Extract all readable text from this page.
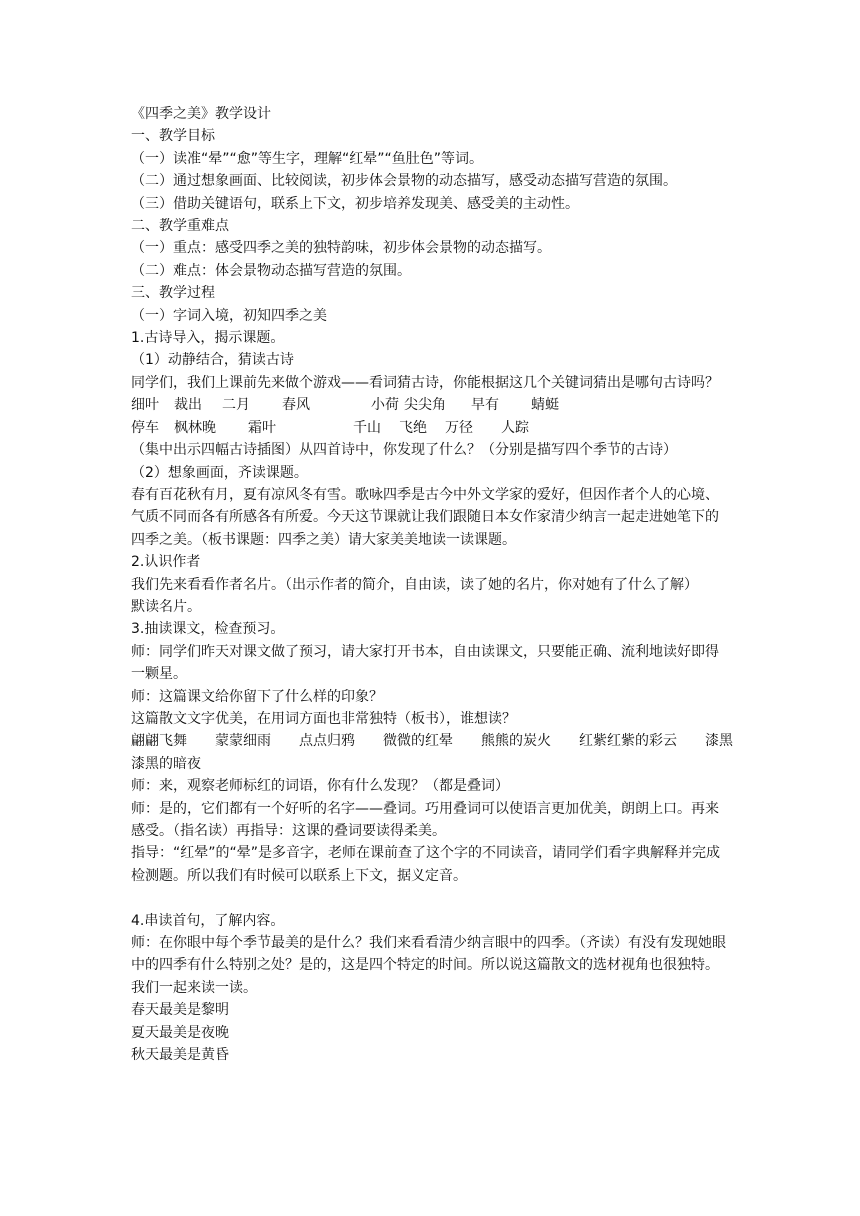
《四季之美》教学设计
一、教学目标
（一）读准“晕”“愈”等生字，理解“红晕”“鱼肚色”等词。
（二）通过想象画面、比较阅读，初步体会景物的动态描写，感受动态描写营造的氛围。
（三）借助关键语句，联系上下文，初步培养发现美、感受美的主动性。
二、教学重难点
（一）重点：感受四季之美的独特韵味，初步体会景物的动态描写。
（二）难点：体会景物动态描写营造的氛围。
三、教学过程
（一）字词入境，初知四季之美
1.古诗导入，揭示课题。
（1）动静结合，猜读古诗
同学们，我们上课前先来做个游戏——看词猜古诗，你能根据这几个关键词猜出是哪句古诗吗？
细叶 裁出 二月 春风	小荷 尖尖角 早有 蜻蜓
停车 枫林晚 霜叶	千山 飞绝 万径 人踪
（集中出示四幅古诗插图）从四首诗中，你发现了什么？（分别是描写四个季节的古诗）
（2）想象画面，齐读课题。
春有百花秋有月，夏有凉风冬有雪。歌咏四季是古今中外文学家的爱好，但因作者个人的心境、气质不同而各有所感各有所爱。今天这节课就让我们跟随日本女作家清少纳言一起走进她笔下的四季之美。（板书课题：四季之美）请大家美美地读一读课题。
2.认识作者
我们先来看看作者名片。（出示作者的简介，自由读，读了她的名片，你对她有了什么了解）
默读名片。
3.抽读课文，检查预习。
师：同学们昨天对课文做了预习，请大家打开书本，自由读课文，只要能正确、流利地读好即得一颗星。
师：这篇课文给你留下了什么样的印象？
这篇散文文字优美，在用词方面也非常独特（板书），谁想读？
翩翩飞舞　　蒙蒙细雨　　点点归鸦　　微微的红晕　　熊熊的炭火　　红紫红紫的彩云　　漆黑
漆黑的暗夜
师：来，观察老师标红的词语，你有什么发现？（都是叠词）
师：是的，它们都有一个好听的名字——叠词。巧用叠词可以使语言更加优美，朗朗上口。再来感受。（指名读）再指导：这课的叠词要读得柔美。
指导：“红晕”的“晕”是多音字，老师在课前查了这个字的不同读音，请同学们看字典解释并完成检测题。所以我们有时候可以联系上下文，据义定音。
4.串读首句，了解内容。
师：在你眼中每个季节最美的是什么？我们来看看清少纳言眼中的四季。（齐读）有没有发现她眼中的四季有什么特别之处？是的，这是四个特定的时间。所以说这篇散文的选材视角也很独特。我们一起来读一读。
春天最美是黎明
夏天最美是夜晚
秋天最美是黄昏
